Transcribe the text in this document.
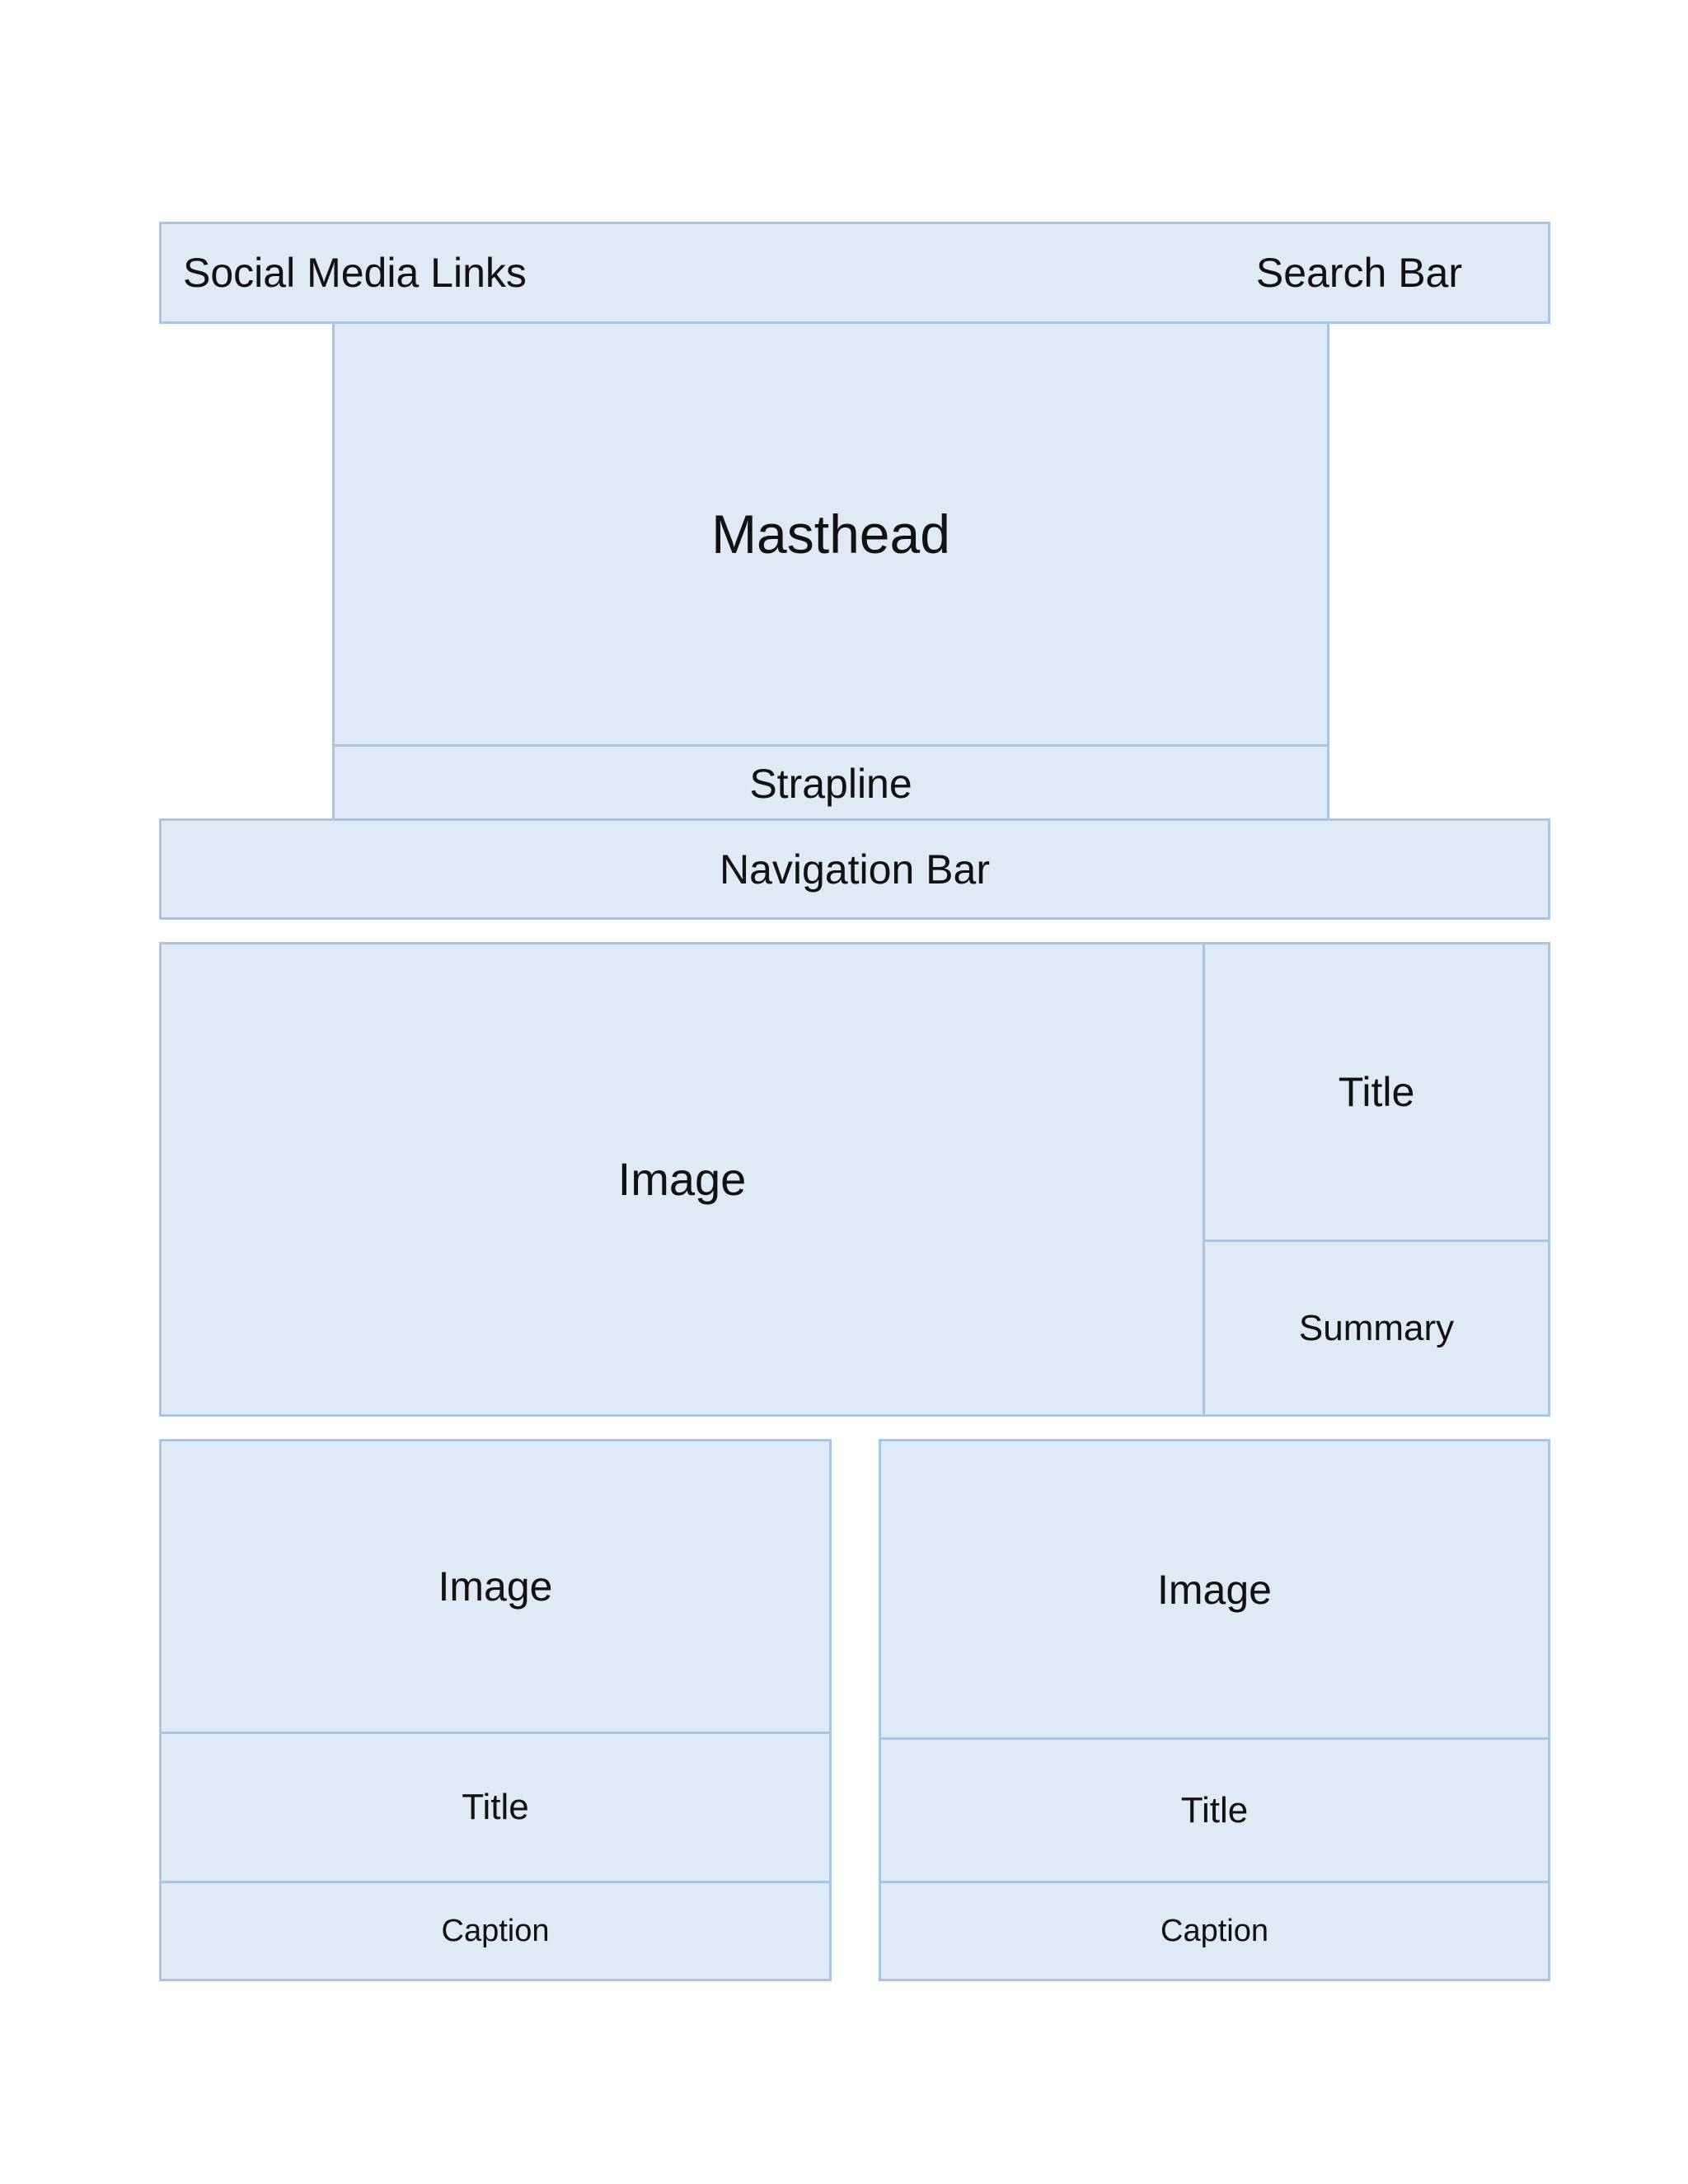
Social Media Links	Search Bar
Masthead
Strapline
Navigation Bar
Image
Title
Summary
Image
Title
Caption
Image
Title
Caption
